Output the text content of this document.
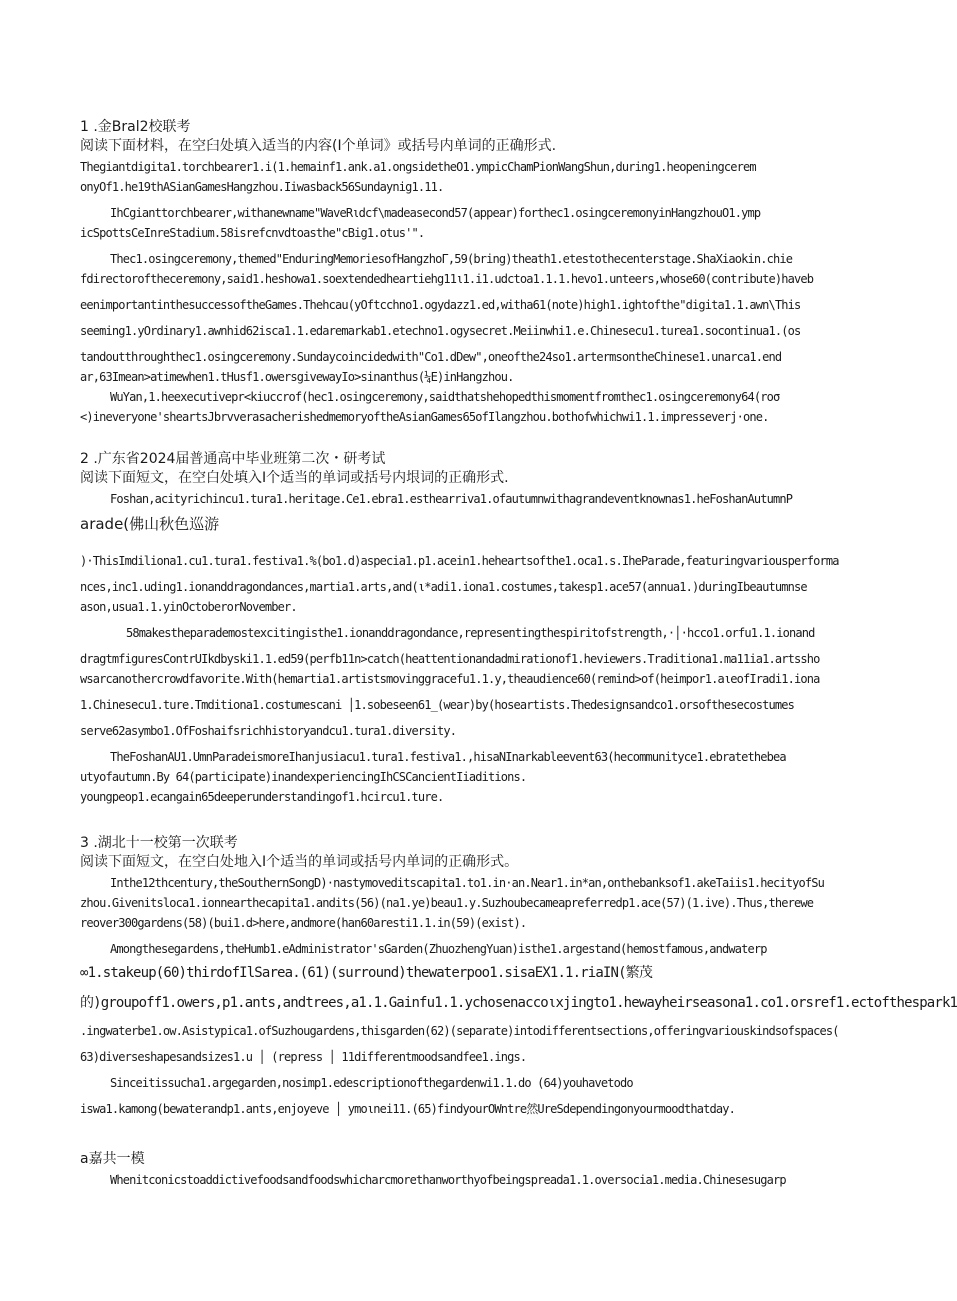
1 .金Bral2校联考
阅读下面材料，在空臼处填入适当的内容(I个单词》或括号内单词的正确形式.
Thegiantdigita1.torchbearer1.i(1.hemainf1.ank.a1.ongsidetheO1.ympicChamPionWangShun,during1.heopeningcerem
onyOf1.he19thASianGamesHangzhou.Iiwasback56Sundaynig1.11.
IhCgianttorchbearer,withanewname"WaveRιdcf\madeasecond57(appear)forthec1.osingceremonyinHangzhouO1.ymp
icSpottsCeInreStadium.58isrefcnvdtoasthe"cBig1.otus'".
Thec1.osingceremony,themed"EnduringMemoriesofHangzhoΓ,59(bring)theath1.etestothecenterstage.ShaXiaokin.chie
fdirectoroftheceremony,said1.heshowa1.soextendedheartiehg11ι1.i1.udctoa1.1.1.hevo1.unteers,whose60(contribute)haveb
eenimportantinthesuccessoftheGames.Thehcau(yOftcchno1.ogydazz1.ed,witha61(note)high1.ightofthe"digita1.1.awn\This
seeming1.yOrdinary1.awnhid62isca1.1.edaremarkab1.etechno1.ogysecret.Meiinwhi1.e.Chinesecu1.turea1.socontinua1.(os
tandoutthroughthec1.osingceremony.Sundaycoincidedwith"Co1.dDew",oneofthe24so1.artermsontheChinese1.unarca1.end
ar,63Imean>atimewhen1.tHusf1.owersgivewayIo>sinanthus(¼E)inHangzhou.
WuYan,1.heexecutivepr<kiuccrof(hec1.osingceremony,saidthatshehopedthismomentfromthec1.osingceremony64(roσ
<)ineveryone'sheartsJbrvverasacherishedmemoryoftheAsianGames65ofIlangzhou.bothofwhichwi1.1.impresseverj·one.
2 .广东省2024届普通高中毕业班第二次・研考试
阅读下面短文，在空白处填入I个适当的单词或括号内垠词的正确形式.
Foshan,acityrichincu1.tura1.heritage.Ce1.ebra1.esthearriva1.ofautumnwithagrandeventknownas1.heFoshanAutumnP
arade(佛山秋色巡游
)·ThisImdiliona1.cu1.tura1.festiva1.%(bo1.d)aspecia1.p1.acein1.heheartsofthe1.oca1.s.IheParade,featuringvariousperforma
nces,inc1.uding1.ionanddragondances,martia1.arts,and(ι*adi1.iona1.costumes,takesp1.ace57(annua1.)duringIbeautumnse
ason,usua1.1.yinOctoberorNovember.
58makestheparademostexcitingisthe1.ionanddragondance,representingthespiritofstrength,·│·hcco1.orfu1.1.ionand
dragtmfiguresContrUIkdbyski1.1.ed59(perfb11n>catch(heattentionandadmirationof1.heviewers.Traditiona1.ma11ia1.artssho
wsarcanothercrowdfavorite.With(hemartia1.artistsmovinggracefu1.1.y,theaudience60(remind>of(heimpor1.aιeofIradi1.iona
1.Chinesecu1.ture.Tmditiona1.costumescani │1.sobeseen61_(wear)by(hoseartists.Thedesignsandco1.orsofthesecostumes
serve62asymbo1.OfFoshaifsrichhistoryandcu1.tura1.diversity.
TheFoshanAU1.UmnParadeismoreIhanjusiacu1.tura1.festiva1.,hisaNInarkableevent63(hecommunityce1.ebratethebea
utyofautumn.By 64(participate)inandexperiencingIhCSCancientIiaditions.
youngpeop1.ecangain65deeperunderstandingof1.hcircu1.ture.
3 .湖北十一校第一次联考
阅读下面短文，在空白处地入I个适当的单词或括号内单词的正确形式。
Inthe12thcentury,theSouthernSongD)·nastymoveditscapita1.to1.in·an.Near1.in*an,onthebanksof1.akeTaiis1.hecityofSu
zhou.Givenitsloca1.ionnearthecapita1.andits(56)(na1.ye)beau1.y.Suzhoubecameapreferredp1.ace(57)(1.ive).Thus,therewe
reover300gardens(58)(bui1.d>here,andmore(han60aresti1.1.in(59)(exist).
Amongthesegardens,theHumb1.eAdministrator'sGarden(ZhuozhengYuan)isthe1.argestand(hemostfamous,andwaterp
∞1.stakeup(60)thirdofIlSarea.(61)(surround)thewaterpoo1.sisaEX1.1.riaIN(繁茂
的)groupoff1.owers,p1.ants,andtrees,a1.1.Gainfu1.1.ychosenaccoιxjingto1.hewayheirseasona1.co1.orsref1.ectofthespark1
.ingwaterbe1.ow.Asistypica1.ofSuzhougardens,thisgarden(62)(separate)intodifferentsections,offeringvariouskindsofspaces(
63)diverseshapesandsizes1.u │ (repress │ 11differentmoodsandfee1.ings.
Sinceitissucha1.argegarden,nosimp1.edescriptionofthegardenwi1.1.do (64)youhavetodo
iswa1.kamong(bewaterandp1.ants,enjoyeve │ ymoιnei11.(65)findyourOWntre然UreSdependingonyourmoodthatday.
a嘉共一模
Whenitconicstoaddictivefoodsandfoodswhicharcmorethanworthyofbeingspreada1.1.oversocia1.media.Chinesesugarp
